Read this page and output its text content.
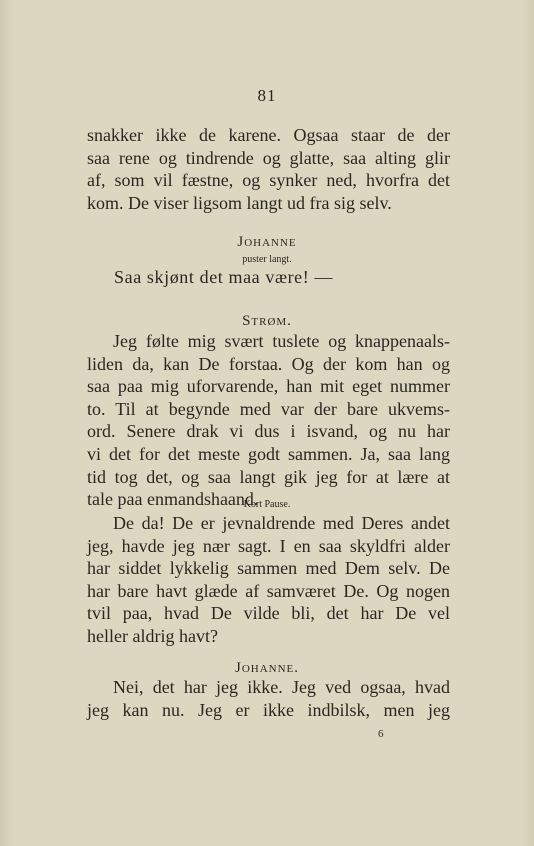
81
snakker ikke de karene. Ogsaa staar de der
saa rene og tindrende og glatte, saa alting glir
af, som vil fæstne, og synker ned, hvorfra det
kom. De viser ligsom langt ud fra sig selv.
Johanne
puster langt.
Saa skjønt det maa være! —
Strøm.
Jeg følte mig svært tuslete og knappenaals-
liden da, kan De forstaa. Og der kom han og
saa paa mig uforvarende, han mit eget nummer
to. Til at begynde med var der bare ukvems-
ord. Senere drak vi dus i isvand, og nu har
vi det for det meste godt sammen. Ja, saa lang
tid tog det, og saa langt gik jeg for at lære at
tale paa enmandshaand.
Kort Pause.
De da! De er jevnaldrende med Deres andet
jeg, havde jeg nær sagt. I en saa skyldfri alder
har siddet lykkelig sammen med Dem selv. De
har bare havt glæde af samværet De. Og nogen
tvil paa, hvad De vilde bli, det har De vel
heller aldrig havt?
Johanne.
Nei, det har jeg ikke. Jeg ved ogsaa, hvad
jeg kan nu. Jeg er ikke indbilsk, men jeg
6
